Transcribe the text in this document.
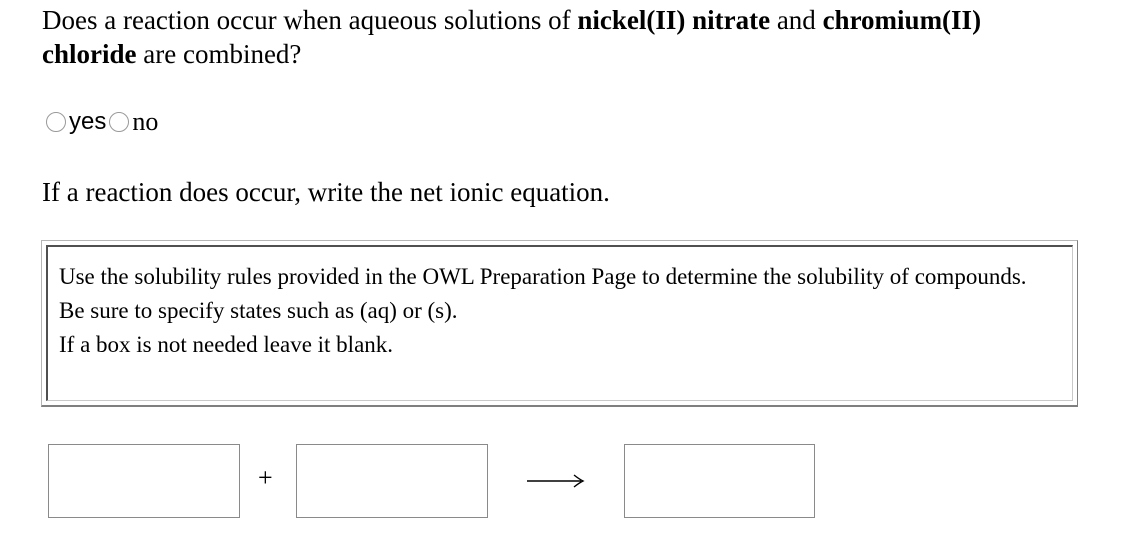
Does a reaction occur when aqueous solutions of nickel(II) nitrate and chromium(II) chloride are combined?
yes no
If a reaction does occur, write the net ionic equation.
Use the solubility rules provided in the OWL Preparation Page to determine the solubility of compounds.
Be sure to specify states such as (aq) or (s).
If a box is not needed leave it blank.
+
